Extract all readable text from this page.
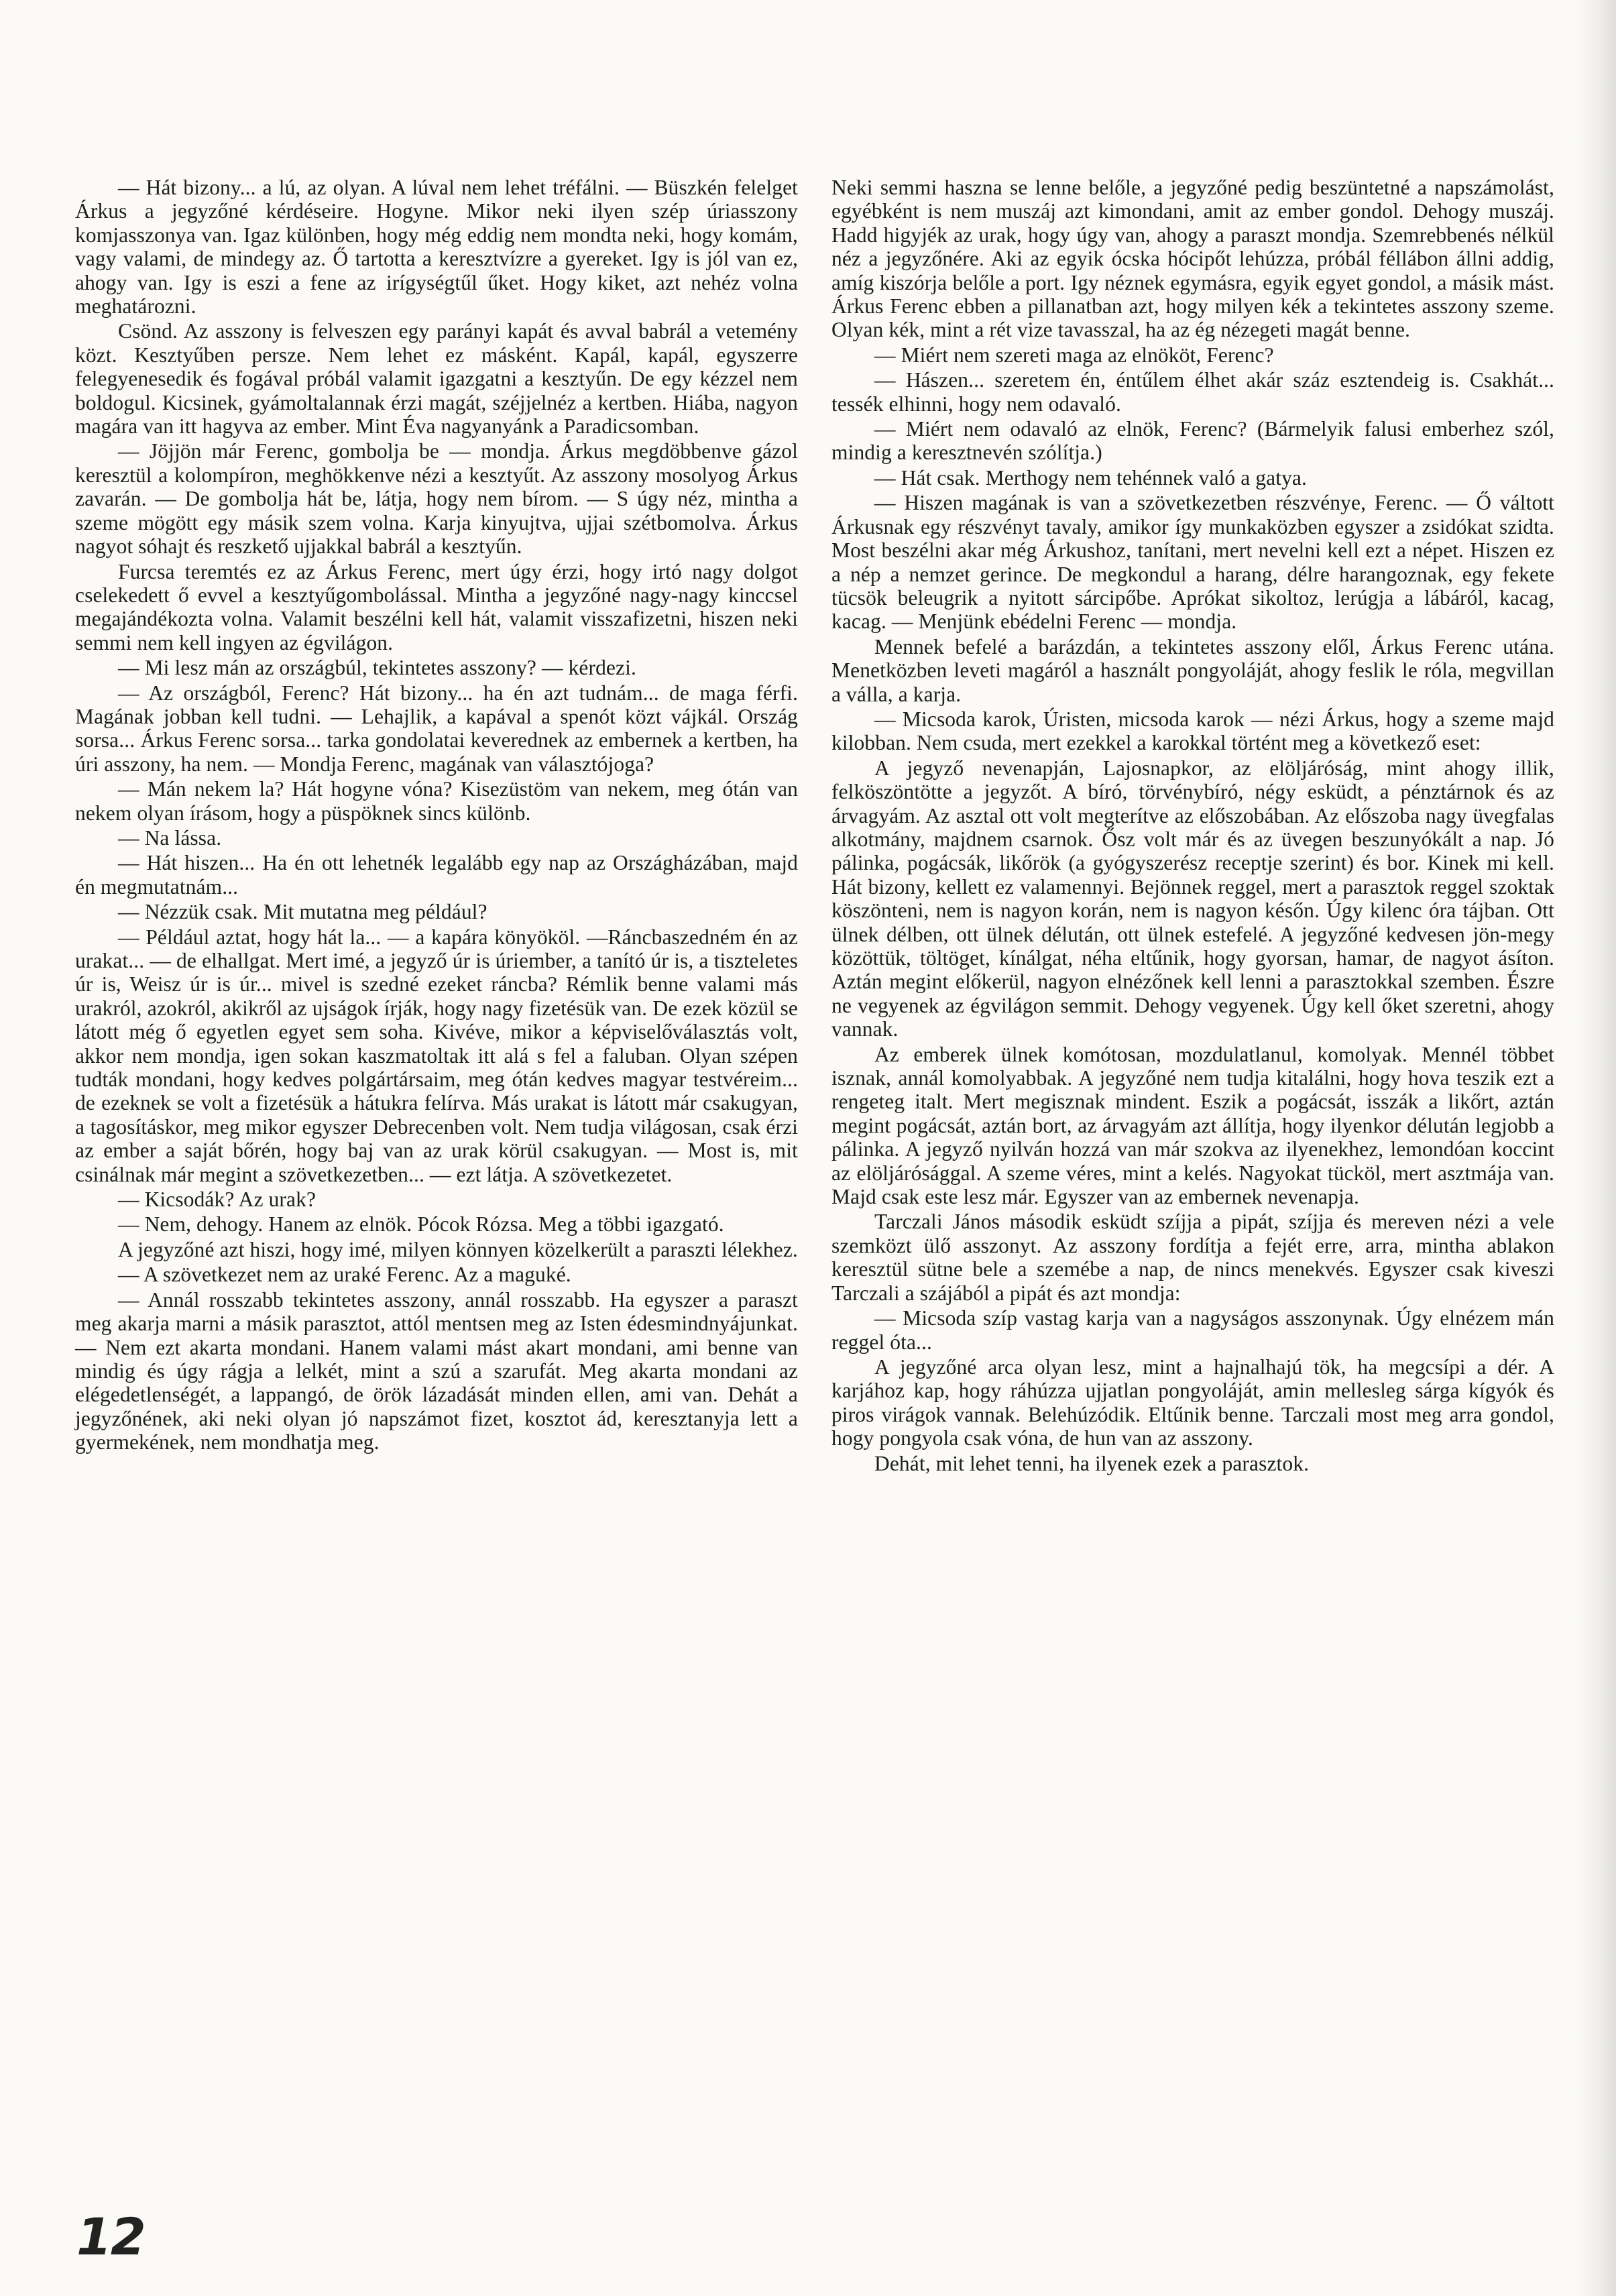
— Hát bizony... a lú, az olyan. A lúval nem lehet tréfálni. — Büszkén felelget Árkus a jegyzőné kérdéseire. Hogyne. Mikor neki ilyen szép úriasszony komjasszonya van. Igaz különben, hogy még eddig nem mondta neki, hogy komám, vagy valami, de mindegy az. Ő tartotta a keresztvízre a gyereket. Igy is jól van ez, ahogy van. Igy is eszi a fene az irígységtűl űket. Hogy kiket, azt nehéz volna meghatározni.

Csönd. Az asszony is felveszen egy parányi kapát és avval babrál a vetemény közt. Kesztyűben persze. Nem lehet ez másként. Kapál, kapál, egyszerre felegyenesedik és fogával próbál valamit igazgatni a kesztyűn. De egy kézzel nem boldogul. Kicsinek, gyámoltalannak érzi magát, széjjelnéz a kertben. Hiába, nagyon magára van itt hagyva az ember. Mint Éva nagyanyánk a Paradicsomban.

— Jöjjön már Ferenc, gombolja be — mondja. Árkus megdöbbenve gázol keresztül a kolompíron, meghökkenve nézi a kesztyűt. Az asszony mosolyog Árkus zavarán. — De gombolja hát be, látja, hogy nem bírom. — S úgy néz, mintha a szeme mögött egy másik szem volna. Karja kinyujtva, ujjai szétbomolva. Árkus nagyot sóhajt és reszkető ujjakkal babrál a kesztyűn.

Furcsa teremtés ez az Árkus Ferenc, mert úgy érzi, hogy irtó nagy dolgot cselekedett ő evvel a kesztyűgombolással. Mintha a jegyzőné nagy-nagy kinccsel megajándékozta volna. Valamit beszélni kell hát, valamit visszafizetni, hiszen neki semmi nem kell ingyen az égvilágon.

— Mi lesz mán az országbúl, tekintetes asszony? — kérdezi.

— Az országból, Ferenc? Hát bizony... ha én azt tudnám... de maga férfi. Magának jobban kell tudni. — Lehajlik, a kapával a spenót közt vájkál. Ország sorsa... Árkus Ferenc sorsa... tarka gondolatai keverednek az embernek a kertben, ha úri asszony, ha nem. — Mondja Ferenc, magának van választójoga?

— Mán nekem la? Hát hogyne vóna? Kisezüstöm van nekem, meg ótán van nekem olyan írásom, hogy a püspöknek sincs különb.

— Na lássa.

— Hát hiszen... Ha én ott lehetnék legalább egy nap az Országházában, majd én megmutatnám...

— Nézzük csak. Mit mutatna meg például?

— Például aztat, hogy hát la... — a kapára könyököl. —Ráncbaszedném én az urakat... — de elhallgat. Mert imé, a jegyző úr is úriember, a tanító úr is, a tiszteletes úr is, Weisz úr is úr... mivel is szedné ezeket ráncba? Rémlik benne valami más urakról, azokról, akikről az ujságok írják, hogy nagy fizetésük van. De ezek közül se látott még ő egyetlen egyet sem soha. Kivéve, mikor a képviselőválasztás volt, akkor nem mondja, igen sokan kaszmatoltak itt alá s fel a faluban. Olyan szépen tudták mondani, hogy kedves polgártársaim, meg ótán kedves magyar testvéreim... de ezeknek se volt a fizetésük a hátukra felírva. Más urakat is látott már csakugyan, a tagosításkor, meg mikor egyszer Debrecenben volt. Nem tudja világosan, csak érzi az ember a saját bőrén, hogy baj van az urak körül csakugyan. — Most is, mit csinálnak már megint a szövetkezetben... — ezt látja. A szövetkezetet.

— Kicsodák? Az urak?

— Nem, dehogy. Hanem az elnök. Pócok Rózsa. Meg a többi igazgató.

A jegyzőné azt hiszi, hogy imé, milyen könnyen közelkerült a paraszti lélekhez.

— A szövetkezet nem az uraké Ferenc. Az a maguké.

— Annál rosszabb tekintetes asszony, annál rosszabb. Ha egyszer a paraszt meg akarja marni a másik parasztot, attól mentsen meg az Isten édesmindnyájunkat. — Nem ezt akarta mondani. Hanem valami mást akart mondani, ami benne van mindig és úgy rágja a lelkét, mint a szú a szarufát. Meg akarta mondani az elégedetlenségét, a lappangó, de örök lázadását minden ellen, ami van. Dehát a jegyzőnének, aki neki olyan jó napszámot fizet, kosztot ád, keresztanyja lett a gyermekének, nem mondhatja meg.

Neki semmi haszna se lenne belőle, a jegyzőné pedig beszüntetné a napszámolást, egyébként is nem muszáj azt kimondani, amit az ember gondol. Dehogy muszáj. Hadd higyjék az urak, hogy úgy van, ahogy a paraszt mondja. Szemrebbenés nélkül néz a jegyzőnére. Aki az egyik ócska hócipőt lehúzza, próbál féllábon állni addig, amíg kiszórja belőle a port. Igy néznek egymásra, egyik egyet gondol, a másik mást. Árkus Ferenc ebben a pillanatban azt, hogy milyen kék a tekintetes asszony szeme. Olyan kék, mint a rét vize tavasszal, ha az ég nézegeti magát benne.

— Miért nem szereti maga az elnököt, Ferenc?

— Hászen... szeretem én, éntűlem élhet akár száz esztendeig is. Csakhát... tessék elhinni, hogy nem odavaló.

— Miért nem odavaló az elnök, Ferenc? (Bármelyik falusi emberhez szól, mindig a keresztnevén szólítja.)

— Hát csak. Merthogy nem tehénnek való a gatya.

— Hiszen magának is van a szövetkezetben részvénye, Ferenc. — Ő váltott Árkusnak egy részvényt tavaly, amikor így munkaközben egyszer a zsidókat szidta. Most beszélni akar még Árkushoz, tanítani, mert nevelni kell ezt a népet. Hiszen ez a nép a nemzet gerince. De megkondul a harang, délre harangoznak, egy fekete tücsök beleugrik a nyitott sárcipőbe. Aprókat sikoltoz, lerúgja a lábáról, kacag, kacag. — Menjünk ebédelni Ferenc — mondja.

Mennek befelé a barázdán, a tekintetes asszony elől, Árkus Ferenc utána. Menetközben leveti magáról a használt pongyoláját, ahogy feslik le róla, megvillan a válla, a karja.

— Micsoda karok, Úristen, micsoda karok — nézi Árkus, hogy a szeme majd kilobban. Nem csuda, mert ezekkel a karokkal történt meg a következő eset:

A jegyző nevenapján, Lajosnapkor, az elöljáróság, mint ahogy illik, felköszöntötte a jegyzőt. A bíró, törvénybíró, négy esküdt, a pénztárnok és az árvagyám. Az asztal ott volt megterítve az előszobában. Az előszoba nagy üvegfalas alkotmány, majdnem csarnok. Ősz volt már és az üvegen beszunyókált a nap. Jó pálinka, pogácsák, likőrök (a gyógyszerész receptje szerint) és bor. Kinek mi kell. Hát bizony, kellett ez valamennyi. Bejönnek reggel, mert a parasztok reggel szoktak köszönteni, nem is nagyon korán, nem is nagyon későn. Úgy kilenc óra tájban. Ott ülnek délben, ott ülnek délután, ott ülnek estefelé. A jegyzőné kedvesen jön-megy közöttük, töltöget, kínálgat, néha eltűnik, hogy gyorsan, hamar, de nagyot ásíton. Aztán megint előkerül, nagyon elnézőnek kell lenni a parasztokkal szemben. Észre ne vegyenek az égvilágon semmit. Dehogy vegyenek. Úgy kell őket szeretni, ahogy vannak.

Az emberek ülnek komótosan, mozdulatlanul, komolyak. Mennél többet isznak, annál komolyabbak. A jegyzőné nem tudja kitalálni, hogy hova teszik ezt a rengeteg italt. Mert megisznak mindent. Eszik a pogácsát, isszák a likőrt, aztán megint pogácsát, aztán bort, az árvagyám azt állítja, hogy ilyenkor délután legjobb a pálinka. A jegyző nyilván hozzá van már szokva az ilyenekhez, lemondóan koccint az elöljárósággal. A szeme véres, mint a kelés. Nagyokat tücköl, mert asztmája van. Majd csak este lesz már. Egyszer van az embernek nevenapja.

Tarczali János második esküdt szíjja a pipát, szíjja és mereven nézi a vele szemközt ülő asszonyt. Az asszony fordítja a fejét erre, arra, mintha ablakon keresztül sütne bele a szemébe a nap, de nincs menekvés. Egyszer csak kiveszi Tarczali a szájából a pipát és azt mondja:

— Micsoda szíp vastag karja van a nagyságos asszonynak. Úgy elnézem mán reggel óta...

A jegyzőné arca olyan lesz, mint a hajnalhajú tök, ha megcsípi a dér. A karjához kap, hogy ráhúzza ujjatlan pongyoláját, amin mellesleg sárga kígyók és piros virágok vannak. Belehúzódik. Eltűnik benne. Tarczali most meg arra gondol, hogy pongyola csak vóna, de hun van az asszony.

Dehát, mit lehet tenni, ha ilyenek ezek a parasztok.

12
